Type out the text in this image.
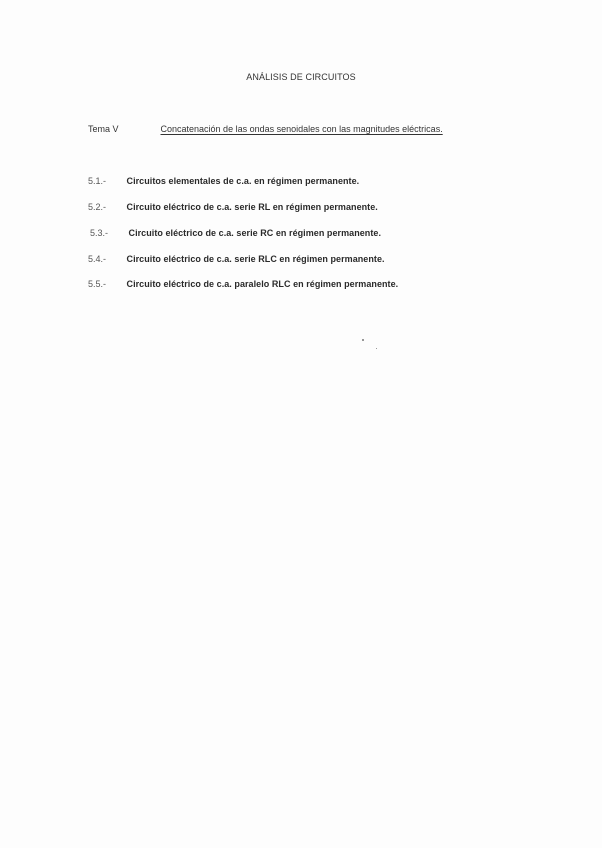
ANÁLISIS DE CIRCUITOS
Tema V	Concatenación de las ondas senoidales con las magnitudes eléctricas.
5.1.- Circuitos elementales de c.a. en régimen permanente.
5.2.- Circuito eléctrico de c.a. serie RL en régimen permanente.
5.3.- Circuito eléctrico de c.a. serie RC en régimen permanente.
5.4.- Circuito eléctrico de c.a. serie RLC en régimen permanente.
5.5.- Circuito eléctrico de c.a. paralelo RLC en régimen permanente.
